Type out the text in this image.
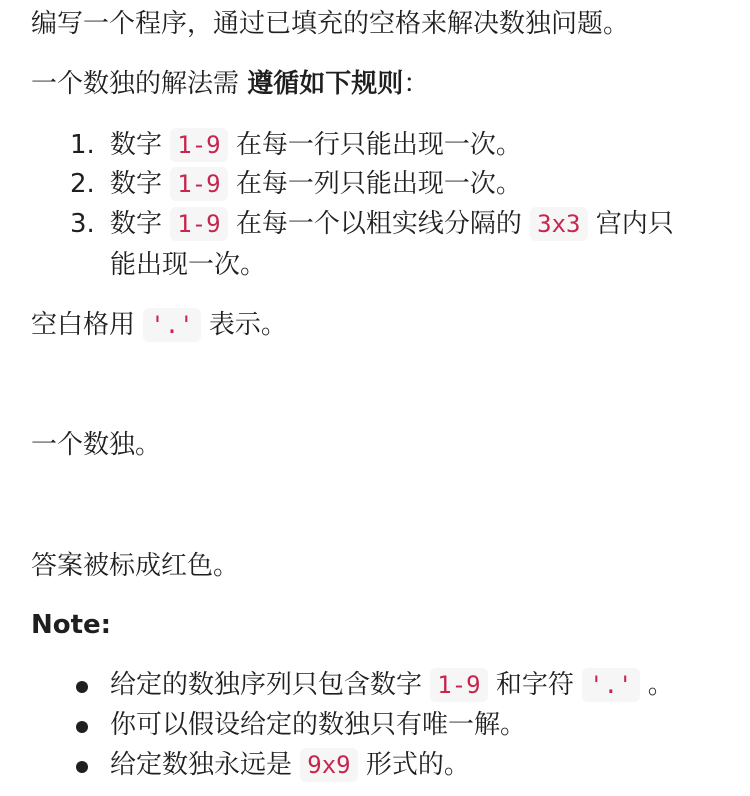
编写一个程序，通过已填充的空格来解决数独问题。

一个数独的解法需 遵循如下规则：

1. 数字 1-9 在每一行只能出现一次。
2. 数字 1-9 在每一列只能出现一次。
3. 数字 1-9 在每一个以粗实线分隔的 3x3 宫内只
能出现一次。

空白格用 '.' 表示。

一个数独。

答案被标成红色。

Note:

给定的数独序列只包含数字 1-9 和字符 '.' 。
你可以假设给定的数独只有唯一解。
给定数独永远是 9x9 形式的。
